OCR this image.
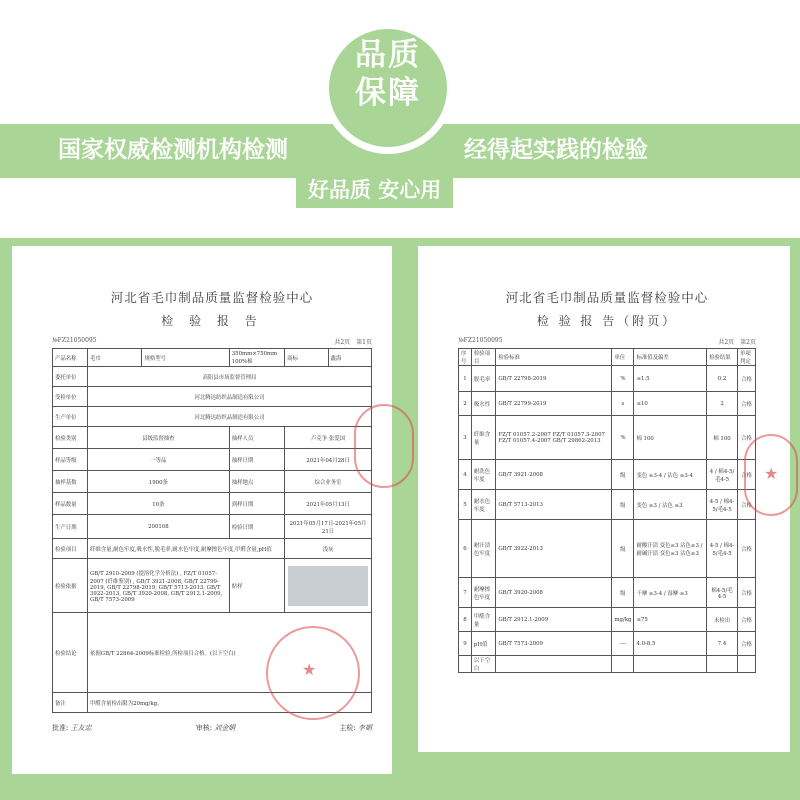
品质
保障
国家权威检测机构检测	经得起实践的检验
好品质 安心用
河北省毛巾制品质量监督检验中心
检 验 报 告
№FZ21050095	共2页　第1页
产品名称	毛巾	规格型号	350mm×750mm 100%棉	商标	鑫海
委托单位	高阳县市场监督管理局				
受检单位	河北腾达纺织品制造有限公司				
生产单位	河北腾达纺织品制造有限公司				
检验类别	县级监督抽查		抽样人员	卢克争 张爱国	
样品等级	一等品		抽样日期	2021年04月28日	
抽样基数	1900条		抽样地点	综合业务室	
样品数量	10条		到样日期	2021年05月13日	
生产日期	200108		检验日期	2021年05月17日-2021年05月21日	
检验项目	纤维含量,耐色牢度,吸水性,脱毛率,耐水色牢度,耐摩擦色牢度,甲醛含量,pH值			浅灰	
检验依据	GB/T 2910-2009 (提溶化学分析法) , FZ/T 01057-2007 (纤维鉴别) , GB/T 3921-2008, GB/T 22799-2019, GB/T 22798-2019, GB/T 5713-2013, GB/T 3922-2013, GB/T 3920-2008, GB/T 2912.1-2009, GB/T 7573-2009		贴样		

检验结论	依据GB/T 22864-2009标准检验,所检项目合格。(以下空白)				
备注	甲醛含量检出限为20mg/kg。				
批准: 王友忠	审核: 刘金娟	主检: 李娟
★
河北省毛巾制品质量监督检验中心
检 验 报 告（附页）
№FZ21050095	共2页　第2页
序号	检验项目	检验标准	单位	标准值及偏差	检验结果	单项判定
1	脱毛率	GB/T 22798-2019	%	≤1.5	0.2	合格
2	吸水性	GB/T 22799-2019	s	≤10	2	合格
3	纤维含量	FZ/T 01057.2-2007 FZ/T 01057.3-2007 FZ/T 01057.4-2007 GB/T 29862-2013	%	棉 100	棉 100	合格
4	耐洗色牢度	GB/T 3921-2008	级	变色 ≥3-4 / 沾色 ≥3-4	4 / 棉4-5/毛4-5	合格
5	耐水色牢度	GB/T 5713-2013	级	变色 ≥3 / 沾色 ≥3	4-5 / 棉4-5/毛4-5	合格
6	耐汗渍色牢度	GB/T 3922-2013	级	耐酸汗渍 变色≥3 沾色≥3 / 耐碱汗渍 变色≥3 沾色≥3	4-5 / 棉4-5/毛4-5	合格
7	耐摩擦色牢度	GB/T 3920-2008	级	干摩 ≥3-4 / 湿摩 ≥3	棉4-5/毛4-5	合格
8	甲醛含量	GB/T 2912.1-2009	mg/kg	≤75	未检出	合格
9	pH值	GB/T 7573-2009	----	4.0-8.5	7.4	合格
	以下空白					
★
